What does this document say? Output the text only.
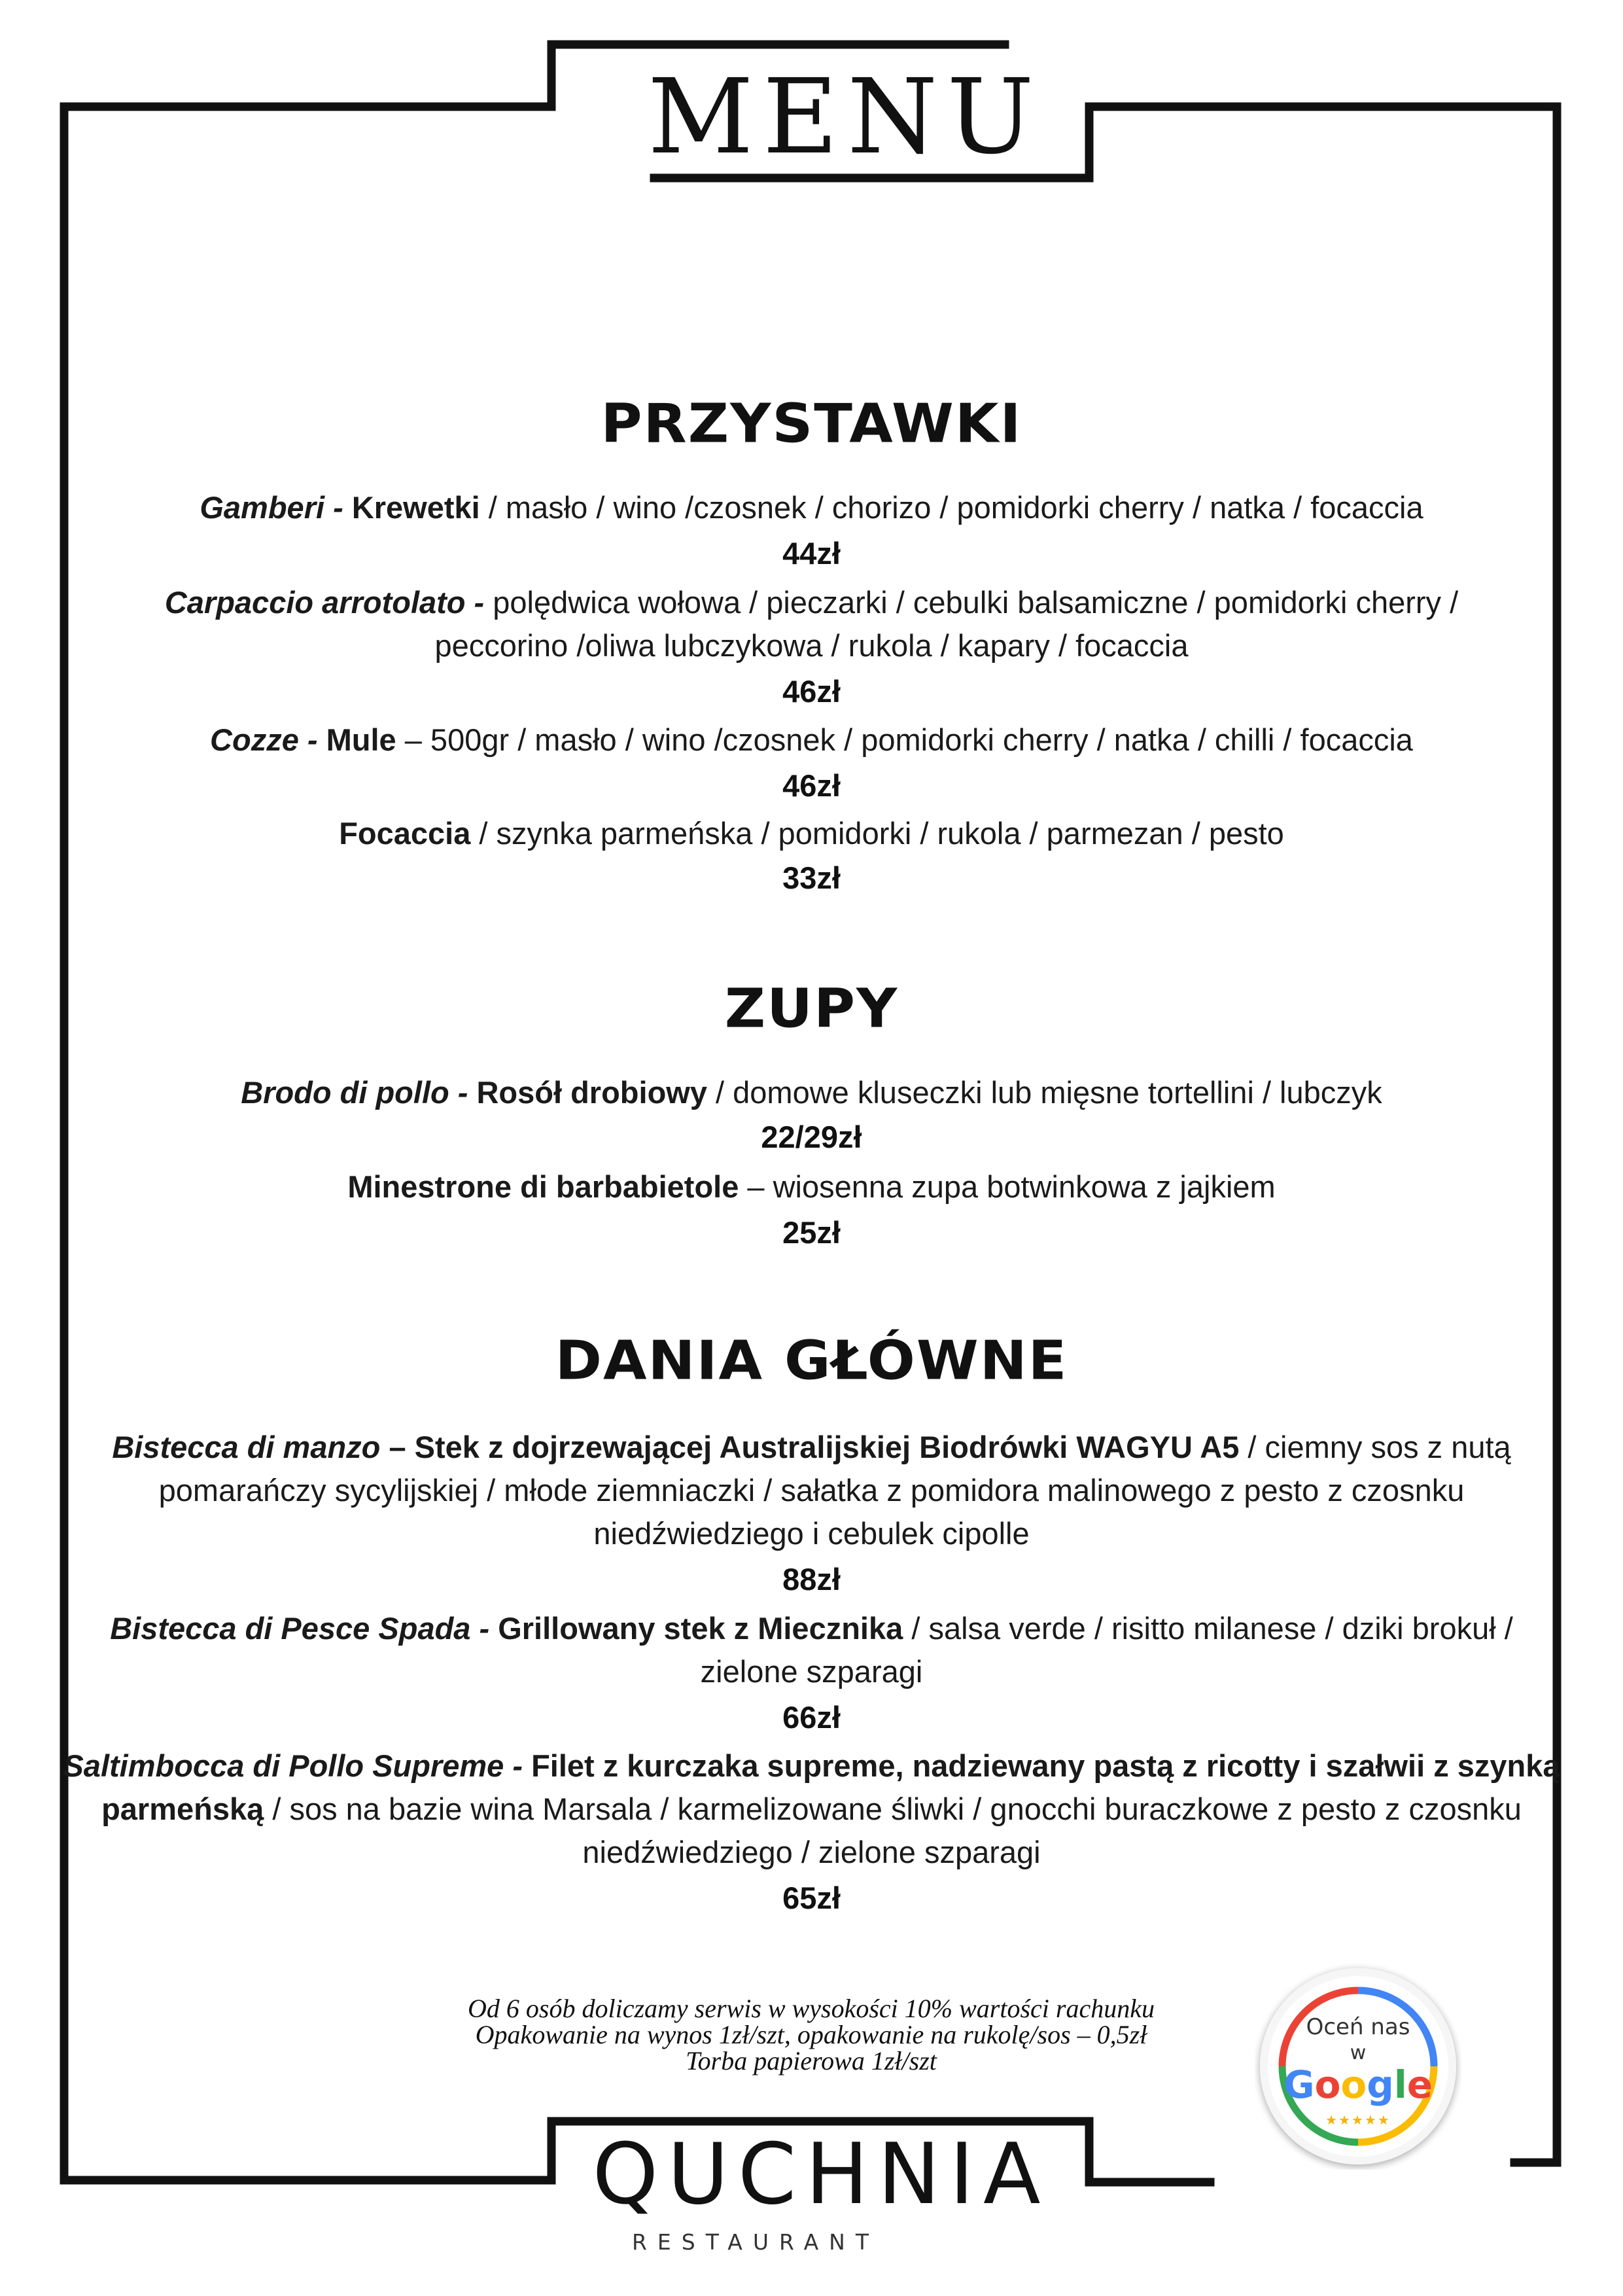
MENU
PRZYSTAWKI
Gamberi - Krewetki / masło / wino /czosnek / chorizo / pomidorki cherry / natka / focaccia
44zł
Carpaccio arrotolato - polędwica wołowa / pieczarki / cebulki balsamiczne / pomidorki cherry /
peccorino /oliwa lubczykowa / rukola / kapary / focaccia
46zł
Cozze - Mule – 500gr / masło / wino /czosnek / pomidorki cherry / natka / chilli / focaccia
46zł
Focaccia / szynka parmeńska / pomidorki / rukola / parmezan / pesto
33zł
ZUPY
Brodo di pollo - Rosół drobiowy / domowe kluseczki lub mięsne tortellini / lubczyk
22/29zł
Minestrone di barbabietole – wiosenna zupa botwinkowa z jajkiem
25zł
DANIA GŁÓWNE
Bistecca di manzo – Stek z dojrzewającej Australijskiej Biodrówki WAGYU A5 / ciemny sos z nutą
pomarańczy sycylijskiej / młode ziemniaczki / sałatka z pomidora malinowego z pesto z czosnku
niedźwiedziego i cebulek cipolle
88zł
Bistecca di Pesce Spada - Grillowany stek z Miecznika / salsa verde / risitto milanese / dziki brokuł /
zielone szparagi
66zł
Saltimbocca di Pollo Supreme - Filet z kurczaka supreme, nadziewany pastą z ricotty i szałwii z szynką
parmeńską / sos na bazie wina Marsala / karmelizowane śliwki / gnocchi buraczkowe z pesto z czosnku
niedźwiedziego / zielone szparagi
65zł
Od 6 osób doliczamy serwis w wysokości 10% wartości rachunku
Opakowanie na wynos 1zł/szt, opakowanie na rukolę/sos – 0,5zł
Torba papierowa 1zł/szt
Oceń nas
w
Google
★★★★★
QUCHNIA
RESTAURANT
